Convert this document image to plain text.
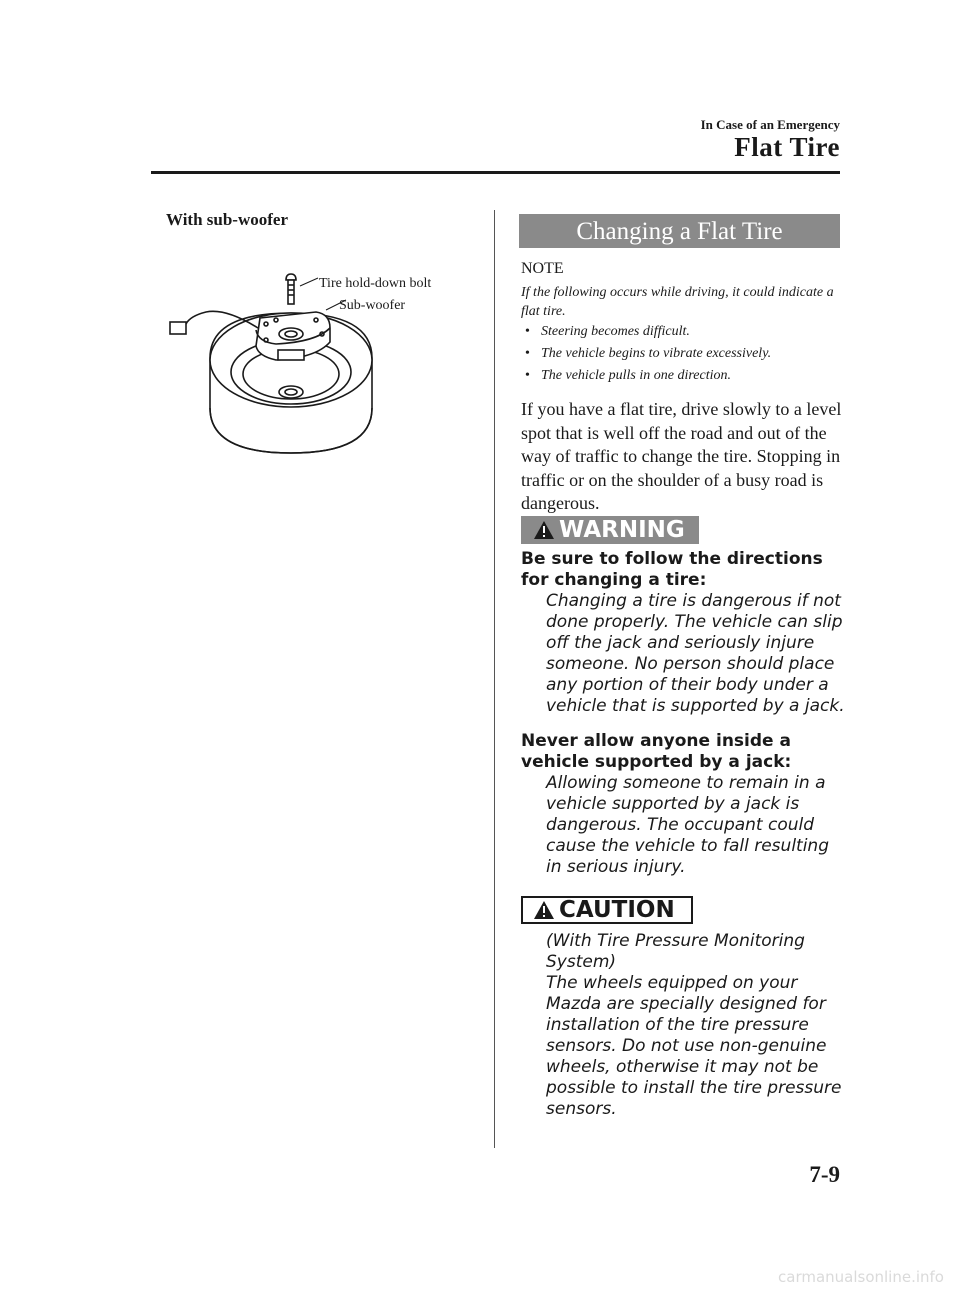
In Case of an Emergency
Flat Tire
With sub-woofer
Tire hold-down bolt
Sub-woofer
Changing a Flat Tire
NOTE
If the following occurs while driving, it could indicate a flat tire.
• Steering becomes difficult.
• The vehicle begins to vibrate excessively.
• The vehicle pulls in one direction.
If you have a flat tire, drive slowly to a level spot that is well off the road and out of the way of traffic to change the tire. Stopping in traffic or on the shoulder of a busy road is dangerous.
WARNING
Be sure to follow the directions for changing a tire:
Changing a tire is dangerous if not done properly. The vehicle can slip off the jack and seriously injure someone. No person should place any portion of their body under a vehicle that is supported by a jack.
Never allow anyone inside a vehicle supported by a jack:
Allowing someone to remain in a vehicle supported by a jack is dangerous. The occupant could cause the vehicle to fall resulting in serious injury.
CAUTION
(With Tire Pressure Monitoring System)
The wheels equipped on your Mazda are specially designed for installation of the tire pressure sensors. Do not use non-genuine wheels, otherwise it may not be possible to install the tire pressure sensors.
7-9
carmanualsonline.info
